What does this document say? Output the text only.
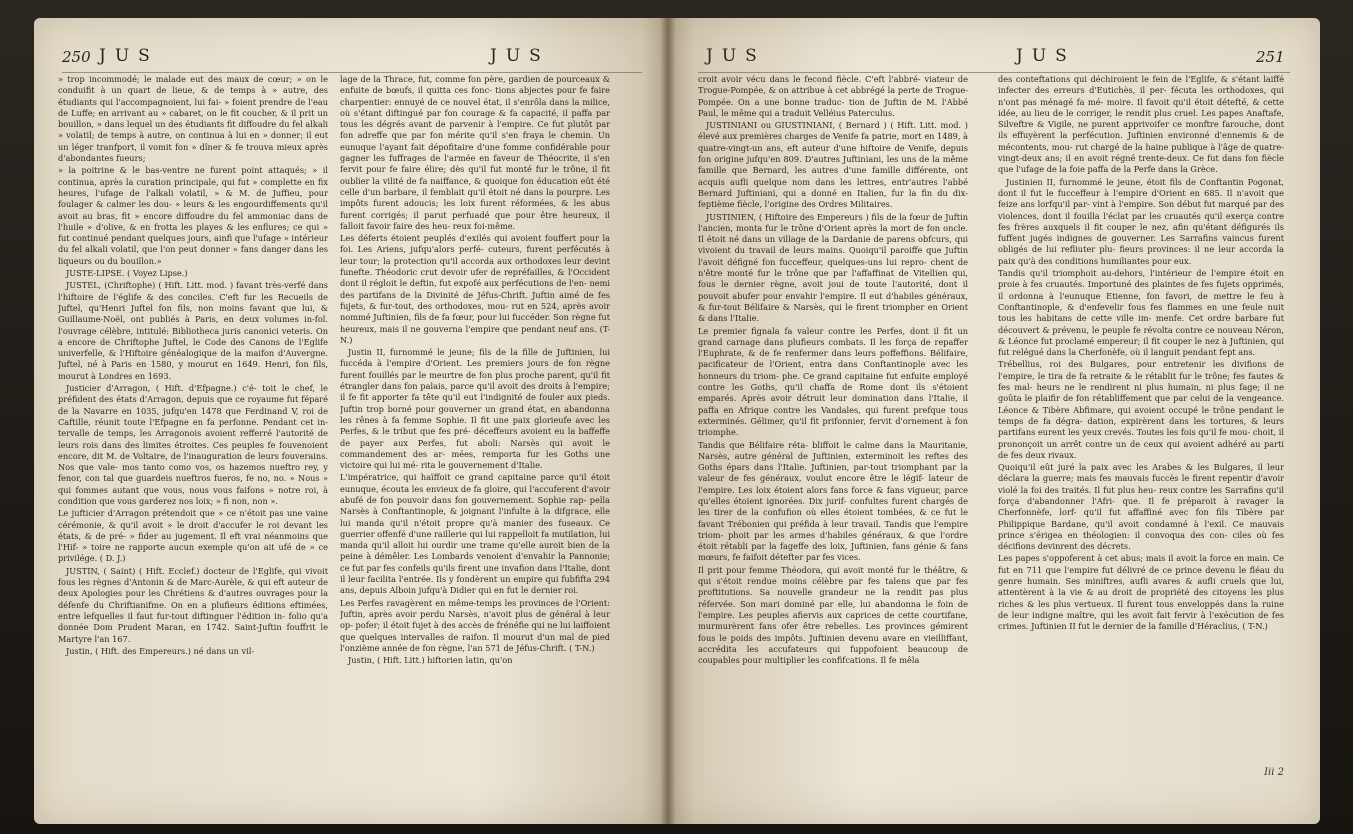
250 JUS	JUS

» trop incommodé; le malade eut des maux de cœur; » on le conduifit à un quart de lieue, & de temps à » autre, des étudiants qui l'accompagnoient, lui fai- » foient prendre de l'eau de Luffe; en arrivant au » cabaret, on le fit coucher, & il prit un bouillon, » dans lequel un des étudiants fit diffoudre du fel alkali » volatil; de temps à autre, on continua à lui en » donner; il eut un léger tranfport, il vomit fon » dîner & fe trouva mieux après d'abondantes fueurs;

» la poitrine & le bas-ventre ne furent point attaqués; » il continua, après la curation principale, qui fut » complette en fix heures, l'ufage de l'alkali volatil, » & M. de Juffieu, pour foulager & calmer les dou- » leurs & les engourdiffements qu'il avoit au bras, fit » encore diffoudre du fel ammoniac dans de l'huile » d'olive, & en frotta les playes & les enflures; ce qui » fut continué pendant quelques jours, ainfi que l'ufage » intérieur du fel alkali volatil, que l'on peut donner » fans danger dans les liqueurs ou du bouillon.»

JUSTE-LIPSE. ( Voyez Lipse.)

JUSTEL, (Chriftophe) ( Hift. Litt. mod. ) favant très-verfé dans l'hiftoire de l'églife & des conciles. C'eft fur les Recueils de Juftel, qu'Henri Juftel fon fils, non moins favant que lui, & Guillaume-Noël, ont publiés à Paris, en deux volumes in-fol. l'ouvrage célèbre, intitulé: Bibliotheca juris canonici veteris. On a encore de Chriftophe Juftel, le Code des Canons de l'Eglife univerfelle, & l'Hiftoire généalogique de la maifon d'Auvergne. Juftel, né à Paris en 1580, y mourut en 1649. Henri, fon fils, mourut à Londres en 1693.

Justicier d'Arragon, ( Hift. d'Efpagne.) c'é- toit le chef, le préfident des états d'Arragon, depuis que ce royaume fut féparé de la Navarre en 1035, jufqu'en 1478 que Ferdinand V, roi de Caftille, réunit toute l'Efpagne en fa perfonne. Pendant cet in- tervalle de temps, les Arragonois avoient refferré l'autorité de leurs rois dans des limites étroites. Ces peuples fe fouvenoient encore, dit M. de Voltaire, de l'inauguration de leurs fouverains. Nos que vale- mos tanto como vos, os hazemos nueftro rey, y fenor, con tal que guardeis nueftros fueros, fe no, no. » Nous » qui fommes autant que vous, nous vous faifons » notre roi, à condition que vous garderez nos loix; » fi non, non ».

Le jufticier d'Arragon prétendoit que » ce n'étoit pas une vaine cérémonie, & qu'il avoit » le droit d'accufer le roi devant les états, & de pré- » fider au jugement. Il eft vrai néanmoins que l'Hif- » toire ne rapporte aucun exemple qu'on ait ufé de » ce privilége. ( D. J.)

JUSTIN, ( Saint) ( Hift. Ecclef.) docteur de l'Eglife, qui vivoit fous les règnes d'Antonin & de Marc-Aurèle, & qui eft auteur de deux Apologies pour les Chrétiens & d'autres ouvrages pour la défenfe du Chriftianifme. On en a plufieurs éditions eftimées, entre lefquelles il faut fur-tout diftinguer l'édition in- folio qu'a donnée Dom Prudent Maran, en 1742. Saint-Juftin fouffrit le Martyre l'an 167.

Justin, ( Hift. des Empereurs.) né dans un vil-

lage de la Thrace, fut, comme fon père, gardien de pourceaux & enfuite de bœufs, il quitta ces fonc- tions abjectes pour fe faire charpentier: ennuyé de ce nouvel état, il s'enrôla dans la milice, où s'étant diftingué par fon courage & fa capacité, il paffa par tous les dégrés avant de parvenir à l'empire. Ce fut plutôt par fon adreffe que par fon mérite qu'il s'en fraya le chemin. Un eunuque l'ayant fait dépofitaire d'une fomme confidérable pour gagner les fuffrages de l'armée en faveur de Théocrite, il s'en fervit pour fe faire élire; dès qu'il fut monté fur le trône, il fit oublier la vilité de fa naiffance, & quoique fon éducation eût été celle d'un barbare, il femblait qu'il étoit né dans la pourpre. Les impôts furent adoucis; les loix furent réformées, & les abus furent corrigés; il parut perfuadé que pour être heureux, il falloit favoir faire des heu- reux foi-même.

Les déferts étoient peuplés d'exilés qui avoient fouffert pour la foi. Les Ariens, jufqu'alors perfé- cuteurs, furent perfécutés à leur tour; la protection qu'il accorda aux orthodoxes leur devint funefte. Théodoric crut devoir ufer de repréfailles, & l'Occident dont il régloit le deftin, fut expofé aux perfécutions de l'en- nemi des partifans de la Divinité de Jéfus-Chrift. Juftin aimé de fes fujets, & fur-tout, des orthodoxes, mou- rut en 524, après avoir nommé Juftinien, fils de fa fœur, pour lui fuccéder. Son règne fut heureux, mais il ne gouverna l'empire que pendant neuf ans. (T-N.)

Justin II, furnommé le jeune; fils de la fille de Juftinien, lui fuccéda à l'empire d'Orient. Les premiers jours de fon règne furent fouillés par le meurtre de fon plus proche parent, qu'il fit étrangler dans fon palais, parce qu'il avoit des droits à l'empire; il fe fit apporter fa tête qu'il eut l'indignité de fouler aux pieds. Juftin trop borné pour gouverner un grand état, en abandonna les rênes à fa femme Sophie. Il fit une paix glorieufe avec les Perfes, & le tribut que fes pré- déceffeurs avoient eu la baffeffe de payer aux Perfes, fut aboli: Narsès qui avoit le commandement des ar- mées, remporta fur les Goths une victoire qui lui mé- rita le gouvernement d'Italie.

L'impératrice, qui haïffoit ce grand capitaine parce qu'il étoit eunuque, écouta les envieux de fa gloire, qui l'accuferent d'avoir abufé de fon pouvoir dans fon gouvernement. Sophie rap- pella Narsès à Conftantinople, & joignant l'infulte à la difgrace, elle lui manda qu'il n'étoit propre qu'à manier des fuseaux. Ce guerrier offenfé d'une raillerie qui lui rappelloit fa mutilation, lui manda qu'il alloit lui ourdir une trame qu'elle auroit bien de la peine à démêler. Les Lombards venoient d'envahir la Pannonie; ce fut par fes confeils qu'ils firent une invafion dans l'Italie, dont il leur facilita l'entrée. Ils y fondèrent un empire qui fubfifta 294 ans, depuis Alboin jufqu'à Didier qui en fut le dernier roi.

Les Perfes ravagèrent en même-temps les provinces de l'Orient: Juftin, après avoir perdu Narsès, n'avoit plus de général à leur op- pofer; il étoit fujet à des accès de frénéfie qui ne lui laiffoient que quelques intervalles de raifon. Il mourut d'un mal de pied l'onzième année de fon règne, l'an 571 de Jéfus-Chrift. ( T-N.)

Justin, ( Hift. Litt.) hiftorien latin, qu'on

JUS	JUS	251

croit avoir vécu dans le fecond fiècle. C'eft l'abbré- viateur de Trogue-Pompée, & on attribue à cet abbrégé la perte de Trogue-Pompée. On a une bonne traduc- tion de Juftin de M. l'Abbé Paul, le même qui a traduit Velléius Paterculus.

JUSTINIANI ou GIUSTINIANI, ( Bernard ) ( Hift. Litt. mod. ) élevé aux premières charges de Venife fa patrie, mort en 1489, à quatre-vingt-un ans, eft auteur d'une hiftoire de Venife, depuis fon origine jufqu'en 809. D'autres Juftiniani, les uns de la même famille que Bernard, les autres d'une famille différente, ont acquis aufli quelque nom dans les lettres, entr'autres l'abbé Bernard Juftiniani, qui a donné en Italien, fur la fin du dix-feptième fiècle, l'origine des Ordres Militaires.

JUSTINIEN, ( Hiftoire des Empereurs ) fils de la fœur de Juftin l'ancien, monta fur le trône d'Orient après la mort de fon oncle. Il étoit né dans un village de la Dardanie de parens obfcurs, qui vivoient du travail de leurs mains. Quoiqu'il paroiffe que Juftin l'avoit défigné fon fucceffeur, quelques-uns lui repro- chent de n'être monté fur le trône que par l'affaffinat de Vitellien qui, fous le dernier règne, avoit joui de toute l'autorité, dont il pouvoit abufer pour envahir l'empire. Il eut d'habiles généraux, & fur-tout Bélifaire & Narsès, qui le firent triompher en Orient & dans l'Italie.

Le premier fignala fa valeur contre les Perfes, dont il fit un grand carnage dans plufieurs combats. Il les força de repaffer l'Euphrate, & de fe renfermer dans leurs poffeffions. Bélifaire, pacificateur de l'Orient, entra dans Conftantinople avec les honneurs du triom- phe. Ce grand capitaine fut enfuite employé contre les Goths, qu'il chaffa de Rome dont ils s'étoient emparés. Après avoir détruit leur domination dans l'Italie, il paffa en Afrique contre les Vandales, qui furent prefque tous exterminés. Gélimer, qu'il fit prifonnier, fervit d'ornement à fon triomphe.

Tandis que Bélifaire réta- bliffoit le calme dans la Mauritanie, Narsès, autre général de Juftinien, exterminoit les reftes des Goths épars dans l'Italie. Juftinien, par-tout triomphant par la valeur de fes généraux, voulut encore être le légif- lateur de l'empire. Les loix étoient alors fans force & fans vigueur, parce qu'elles étoient ignorées. Dix jurif- confultes furent chargés de les tirer de la confufion où elles étoient tombées, & ce fut le favant Trébonien qui préfida à leur travail. Tandis que l'empire triom- phoit par les armes d'habiles généraux, & que l'ordre étoit rétabli par la fageffe des loix, Juftinien, fans génie & fans mœurs, fe faifoit détefter par fes vices.

Il prit pour femme Théodora, qui avoit monté fur le théâtre, & qui s'étoit rendue moins célèbre par fes talens que par fes proftitutions. Sa nouvelle grandeur ne la rendit pas plus réfervée. Son mari dominé par elle, lui abandonna le foin de l'empire. Les peuples afiervis aux caprices de cette courtifane, murmurèrent fans ofer être rebelles. Les provinces gémirent fous le poids des impôts. Juftinien devenu avare en vieilliffant, accrédita les accufateurs qui fuppofoient beaucoup de coupables pour multiplier les confifcations. Il fe mêla

des conteftations qui déchiroient le fein de l'Eglife, & s'étant laiffé infecter des erreurs d'Eutichès, il per- fécuta les orthodoxes, qui n'ont pas ménagé fa mé- moire. Il favoit qu'il étoit détefté, & cette idée, au lieu de le corriger, le rendit plus cruel. Les papes Anaftafe, Silveftre & Vigile, ne purent apprivoifer ce monftre farouche, dont ils effuyèrent la perfécution. Juftinien environné d'ennemis & de mécontents, mou- rut chargé de la haine publique à l'âge de quatre- vingt-deux ans; il en avoit régné trente-deux. Ce fut dans fon fiècle que l'ufage de la foie paffa de la Perfe dans la Grèce.

Justinien II, furnommé le jeune, étoit fils de Conftantin Pogonat, dont il fut le fucceffeur à l'empire d'Orient en 685. Il n'avoit que feize ans lorfqu'il par- vint à l'empire. Son début fut marqué par des violences, dont il fouilla l'éclat par les cruautés qu'il exerça contre fes frères auxquels il fit couper le nez, afin qu'étant défigurés ils fuffent jugés indignes de gouverner. Les Sarrafins vaincus furent obligés de lui refliuter plu- fieurs provinces: il ne leur accorda la paix qu'à des conditions humiliantes pour eux.

Tandis qu'il triomphoit au-dehors, l'intérieur de l'empire étoit en proie à fes cruautés. Importuné des plaintes de fes fujets opprimés, il ordonna à l'eunuque Etienne, fon favori, de mettre le feu à Conftantinople, & d'enfevelir fous fes flammes en une feule nuit tous les habitans de cette ville im- menfe. Cet ordre barbare fut découvert & prévenu, le peuple fe révolta contre ce nouveau Néron, & Léonce fut proclamé empereur; il fit couper le nez à Juftinien, qui fut relégué dans la Cherfonèfe, où il languit pendant fept ans.

Trébellius, roi des Bulgares, pour entretenir les divifions de l'empire, le tira de fa retraite & le rétablit fur le trône; fes fautes & fes mal- heurs ne le rendirent ni plus humain, ni plus fage; il ne goûta le plaifir de fon rétabliffement que par celui de la vengeance. Léonce & Tibère Abfimare, qui avoient occupé le trône pendant le temps de fa dégra- dation, expirèrent dans les tortures, & leurs partifans eurent les yeux crevés. Toutes les fois qu'il fe mou- choit, il prononçoit un arrêt contre un de ceux qui avoient adhéré au parti de fes deux rivaux.

Quoiqu'il eût juré la paix avec les Arabes & les Bulgares, il leur déclara la guerre; mais fes mauvais fuccès le firent repentir d'avoir violé la foi des traités. Il fut plus heu- reux contre les Sarrafins qu'il força d'abandonner l'Afri- que. Il fe préparoit à ravager la Cherfonnèfe, lorf- qu'il fut affaffiné avec fon fils Tibère par Philippique Bardane, qu'il avoit condamné à l'exil. Ce mauvais prince s'érigea en théologien: il convoqua des con- ciles où fes décifions devinrent des décrets.

Les papes s'oppoferent à cet abus; mais il avoit la force en main. Ce fut en 711 que l'empire fut délivré de ce prince devenu le fléau du genre humain. Ses miniftres, aufli avares & aufli cruels que lui, attentèrent à la vie & au droit de propriété des citoyens les plus riches & les plus vertueux. Il furent tous enveloppés dans la ruine de leur indigne maître, qui les avoit fait fervir à l'exécution de fes crimes. Juftinien II fut le dernier de la famille d'Héraclius, ( T-N.)

Iii 2
